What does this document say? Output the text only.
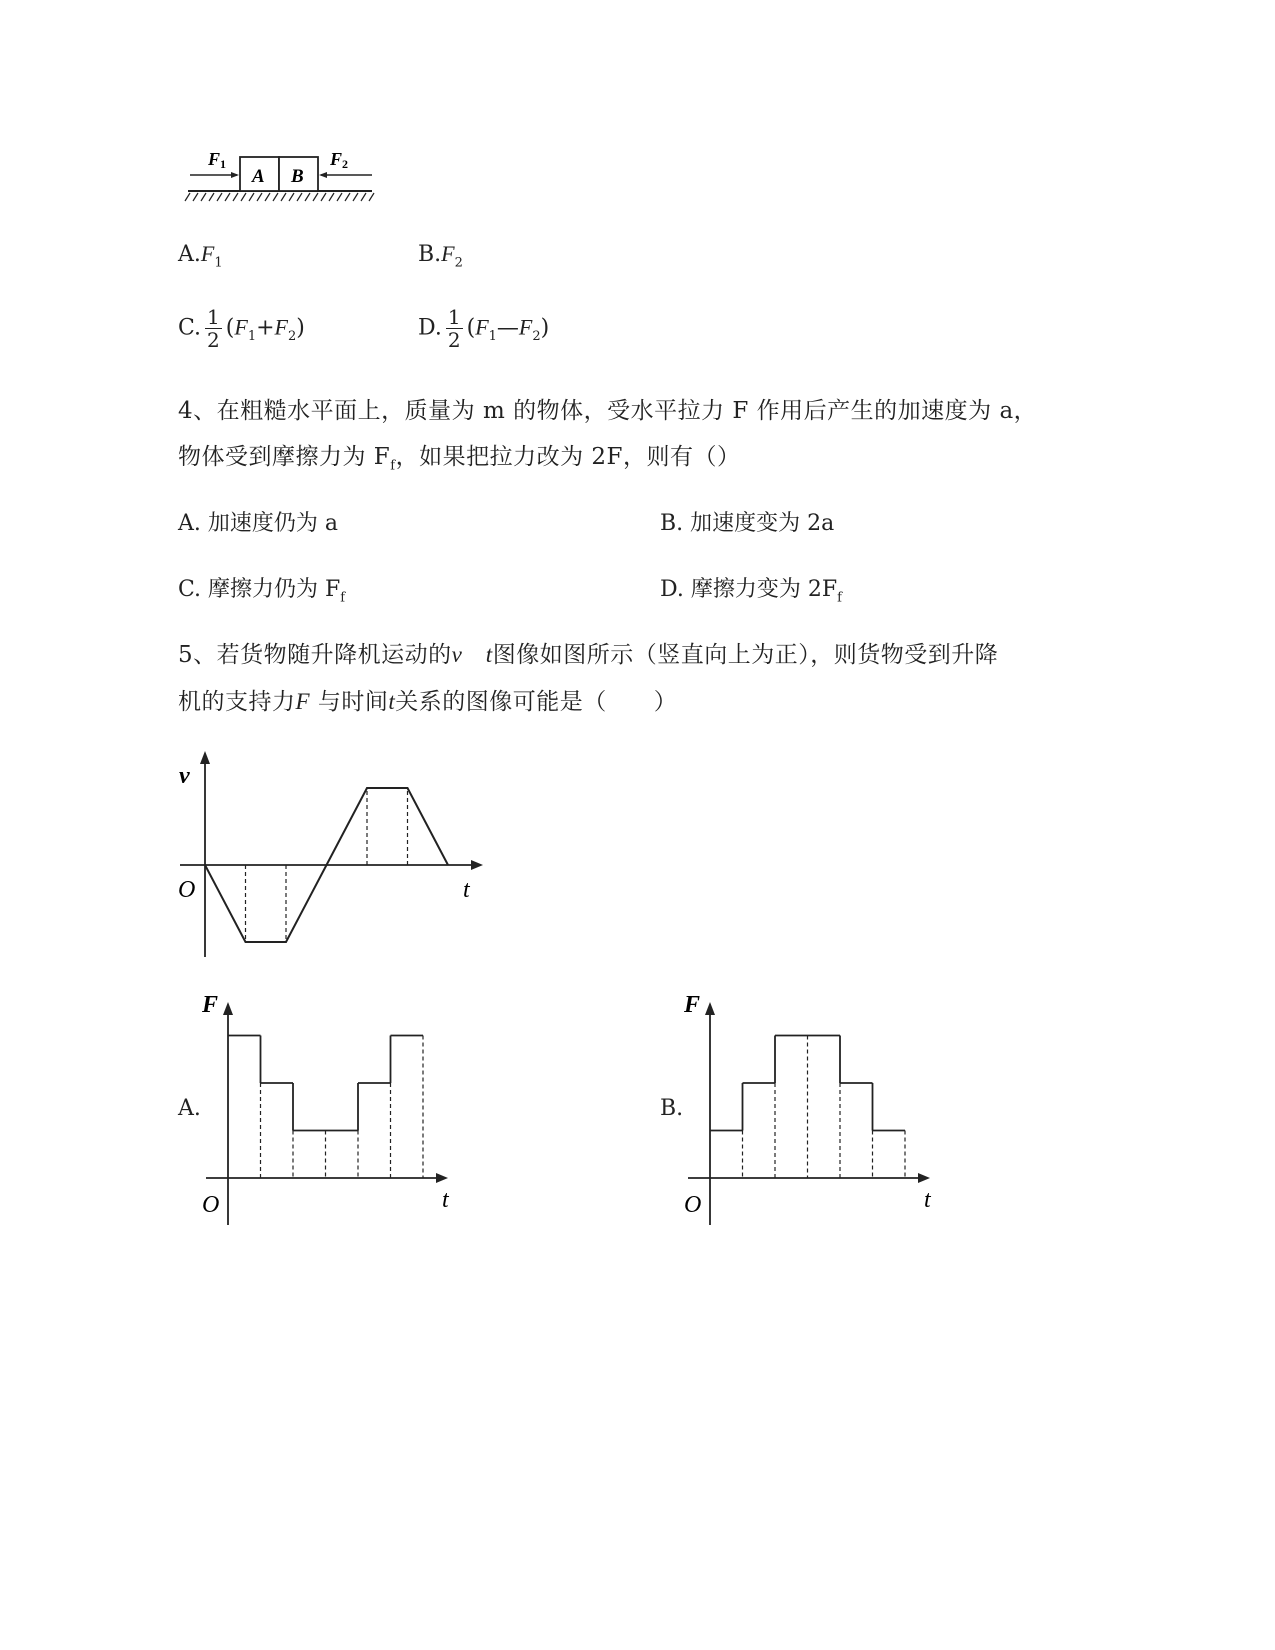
A B
F1	F2
$A.F_1$	$B.F_2$
C. $\frac{1}{2} (F_1+F_2)$	D. $\frac{1}{2}$ $(F_1—F_2)$
4、在粗糙水平面上，质量为 m 的物体，受水平拉力 F 作用后产生的加速度为 a，
物体受到摩擦力为 $F_f$，如果把拉力改为 2F，则有（）
A. 加速度仍为 a	B. 加速度变为 2a
C. 摩擦力仍为 $F_f$	D. 摩擦力变为 $2F_f$
5、若货物随升降机运动的v t图像如图所示（竖直向上为正），则货物受到升降
机的支持力F 与时间t关系的图像可能是（　　）
v
t
O
A.
F
t
O
B.
F
t
O
